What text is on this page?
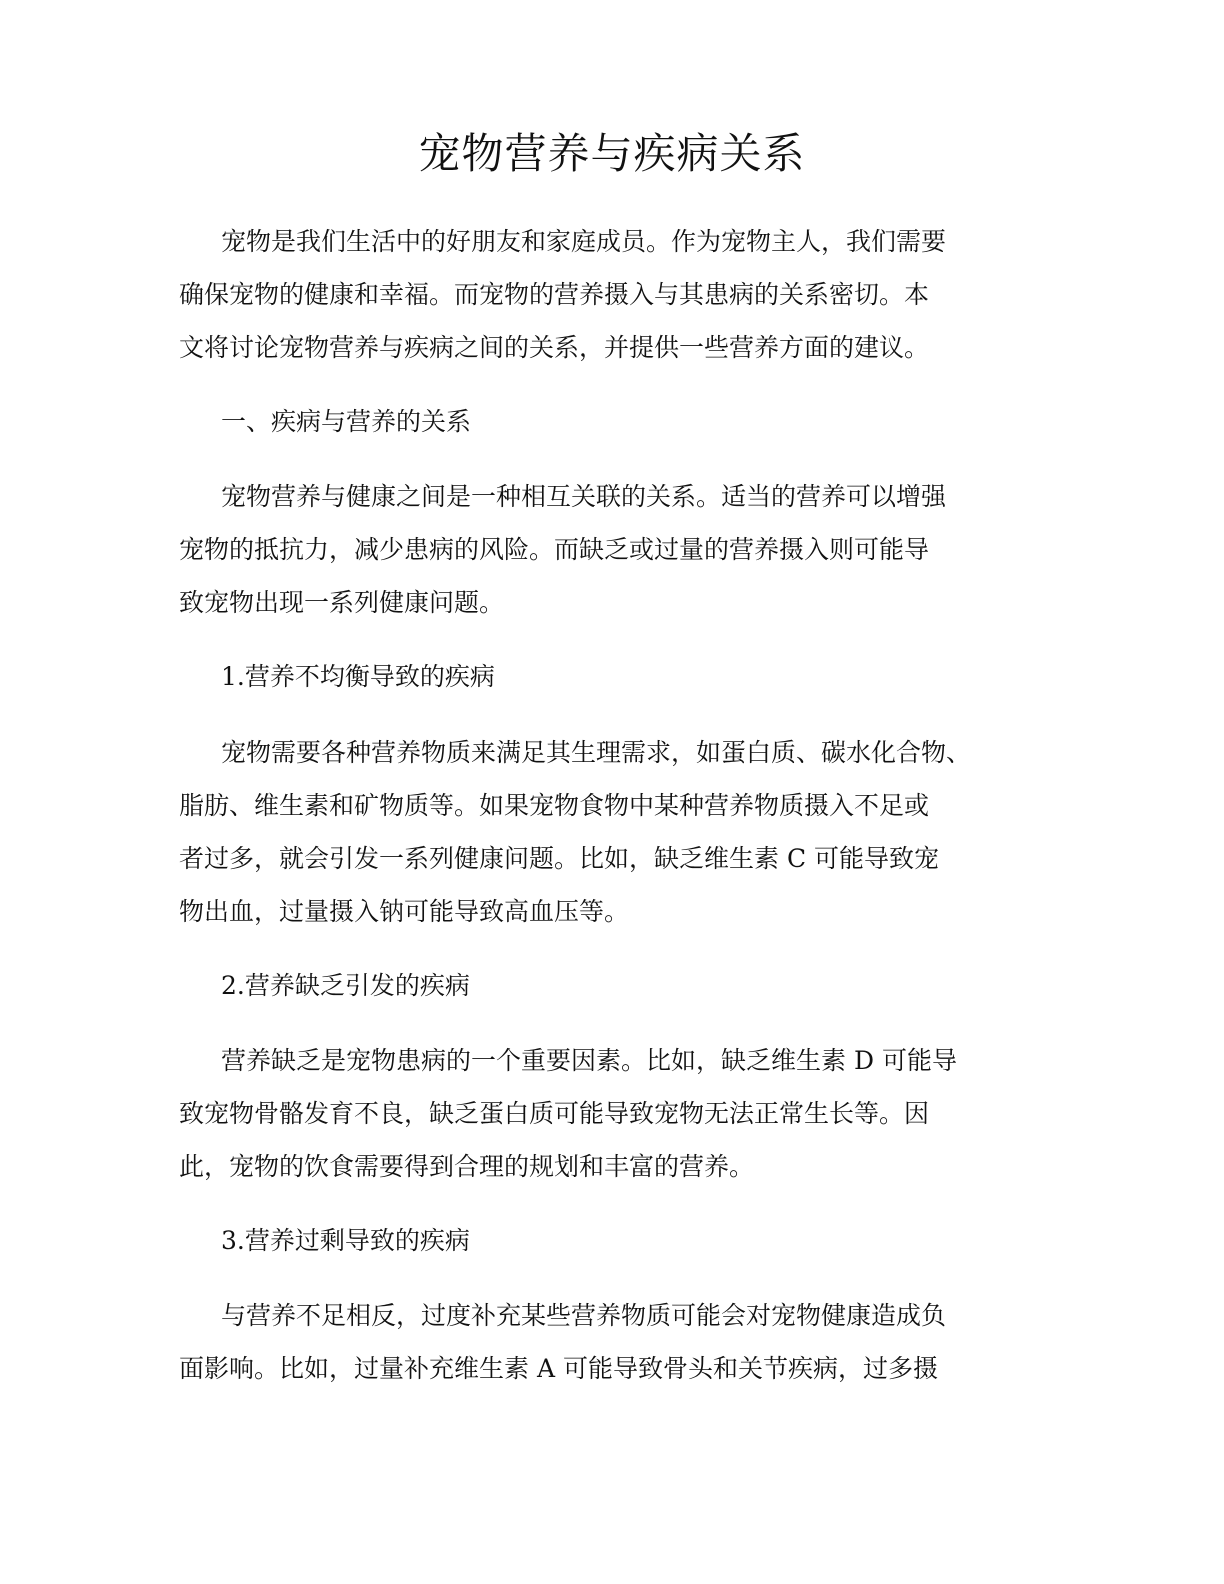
宠物营养与疾病关系
宠物是我们生活中的好朋友和家庭成员。作为宠物主人，我们需要
确保宠物的健康和幸福。而宠物的营养摄入与其患病的关系密切。本
文将讨论宠物营养与疾病之间的关系，并提供一些营养方面的建议。
一、疾病与营养的关系
宠物营养与健康之间是一种相互关联的关系。适当的营养可以增强
宠物的抵抗力，减少患病的风险。而缺乏或过量的营养摄入则可能导
致宠物出现一系列健康问题。
1.营养不均衡导致的疾病
宠物需要各种营养物质来满足其生理需求，如蛋白质、碳水化合物、
脂肪、维生素和矿物质等。如果宠物食物中某种营养物质摄入不足或
者过多，就会引发一系列健康问题。比如，缺乏维生素 C 可能导致宠
物出血，过量摄入钠可能导致高血压等。
2.营养缺乏引发的疾病
营养缺乏是宠物患病的一个重要因素。比如，缺乏维生素 D 可能导
致宠物骨骼发育不良，缺乏蛋白质可能导致宠物无法正常生长等。因
此，宠物的饮食需要得到合理的规划和丰富的营养。
3.营养过剩导致的疾病
与营养不足相反，过度补充某些营养物质可能会对宠物健康造成负
面影响。比如，过量补充维生素 A 可能导致骨头和关节疾病，过多摄
